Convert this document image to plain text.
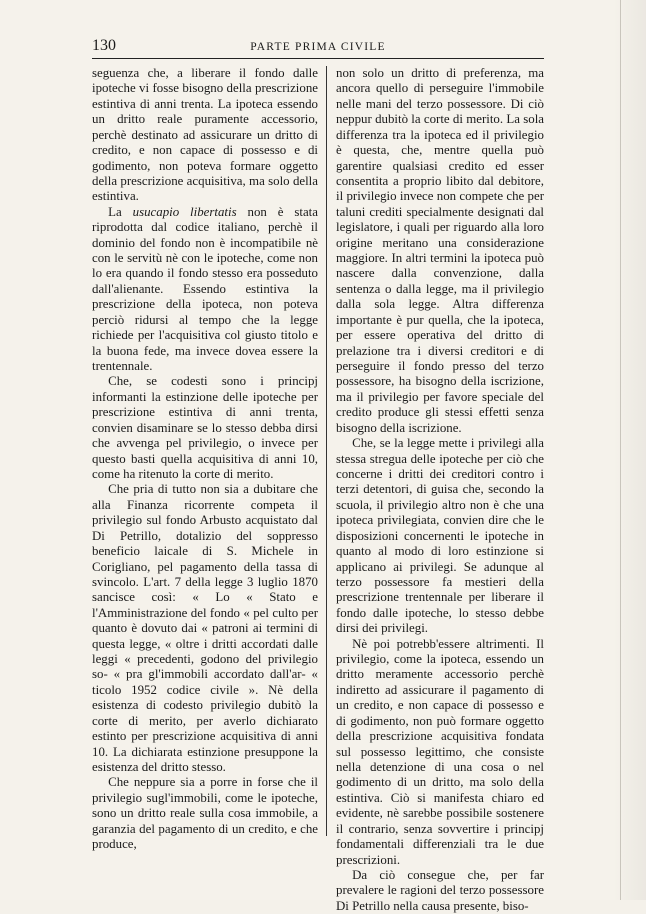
130	PARTE PRIMA CIVILE

seguenza che, a liberare il fondo dalle ipoteche vi fosse bisogno della prescrizione estintiva di anni trenta. La ipoteca essendo un dritto reale puramente accessorio, perchè destinato ad assicurare un dritto di credito, e non capace di possesso e di godimento, non poteva formare oggetto della prescrizione acquisitiva, ma solo della estintiva.

La usucapio libertatis non è stata riprodotta dal codice italiano, perchè il dominio del fondo non è incompatibile nè con le servitù nè con le ipoteche, come non lo era quando il fondo stesso era posseduto dall'alienante. Essendo estintiva la prescrizione della ipoteca, non poteva perciò ridursi al tempo che la legge richiede per l'acquisitiva col giusto titolo e la buona fede, ma invece dovea essere la trentennale.

Che, se codesti sono i principj informanti la estinzione delle ipoteche per prescrizione estintiva di anni trenta, convien disaminare se lo stesso debba dirsi che avvenga pel privilegio, o invece per questo basti quella acquisitiva di anni 10, come ha ritenuto la corte di merito.

Che pria di tutto non sia a dubitare che alla Finanza ricorrente competa il privilegio sul fondo Arbusto acquistato dal Di Petrillo, dotalizio del soppresso beneficio laicale di S. Michele in Corigliano, pel pagamento della tassa di svincolo. L'art. 7 della legge 3 luglio 1870 sancisce così: « Lo « Stato e l'Amministrazione del fondo « pel culto per quanto è dovuto dai « patroni ai termini di questa legge, « oltre i dritti accordati dalle leggi « precedenti, godono del privilegio so- « pra gl'immobili accordato dall'ar- « ticolo 1952 codice civile ». Nè della esistenza di codesto privilegio dubitò la corte di merito, per averlo dichiarato estinto per prescrizione acquisitiva di anni 10. La dichiarata estinzione presuppone la esistenza del dritto stesso.

Che neppure sia a porre in forse che il privilegio sugl'immobili, come le ipoteche, sono un dritto reale sulla cosa immobile, a garanzia del pagamento di un credito, e che produce,

non solo un dritto di preferenza, ma ancora quello di perseguire l'immobile nelle mani del terzo possessore. Di ciò neppur dubitò la corte di merito. La sola differenza tra la ipoteca ed il privilegio è questa, che, mentre quella può garentire qualsiasi credito ed esser consentita a proprio libito dal debitore, il privilegio invece non compete che per taluni crediti specialmente designati dal legislatore, i quali per riguardo alla loro origine meritano una considerazione maggiore. In altri termini la ipoteca può nascere dalla convenzione, dalla sentenza o dalla legge, ma il privilegio dalla sola legge. Altra differenza importante è pur quella, che la ipoteca, per essere operativa del dritto di prelazione tra i diversi creditori e di perseguire il fondo presso del terzo possessore, ha bisogno della iscrizione, ma il privilegio per favore speciale del credito produce gli stessi effetti senza bisogno della iscrizione.

Che, se la legge mette i privilegi alla stessa stregua delle ipoteche per ciò che concerne i dritti dei creditori contro i terzi detentori, di guisa che, secondo la scuola, il privilegio altro non è che una ipoteca privilegiata, convien dire che le disposizioni concernenti le ipoteche in quanto al modo di loro estinzione si applicano ai privilegi. Se adunque al terzo possessore fa mestieri della prescrizione trentennale per liberare il fondo dalle ipoteche, lo stesso debbe dirsi dei privilegi.

Nè poi potrebb'essere altrimenti. Il privilegio, come la ipoteca, essendo un dritto meramente accessorio perchè indiretto ad assicurare il pagamento di un credito, e non capace di possesso e di godimento, non può formare oggetto della prescrizione acquisitiva fondata sul possesso legittimo, che consiste nella detenzione di una cosa o nel godimento di un dritto, ma solo della estintiva. Ciò si manifesta chiaro ed evidente, nè sarebbe possibile sostenere il contrario, senza sovvertire i principj fondamentali differenziali tra le due prescrizioni.

Da ciò consegue che, per far prevalere le ragioni del terzo possessore Di Petrillo nella causa presente, biso-
